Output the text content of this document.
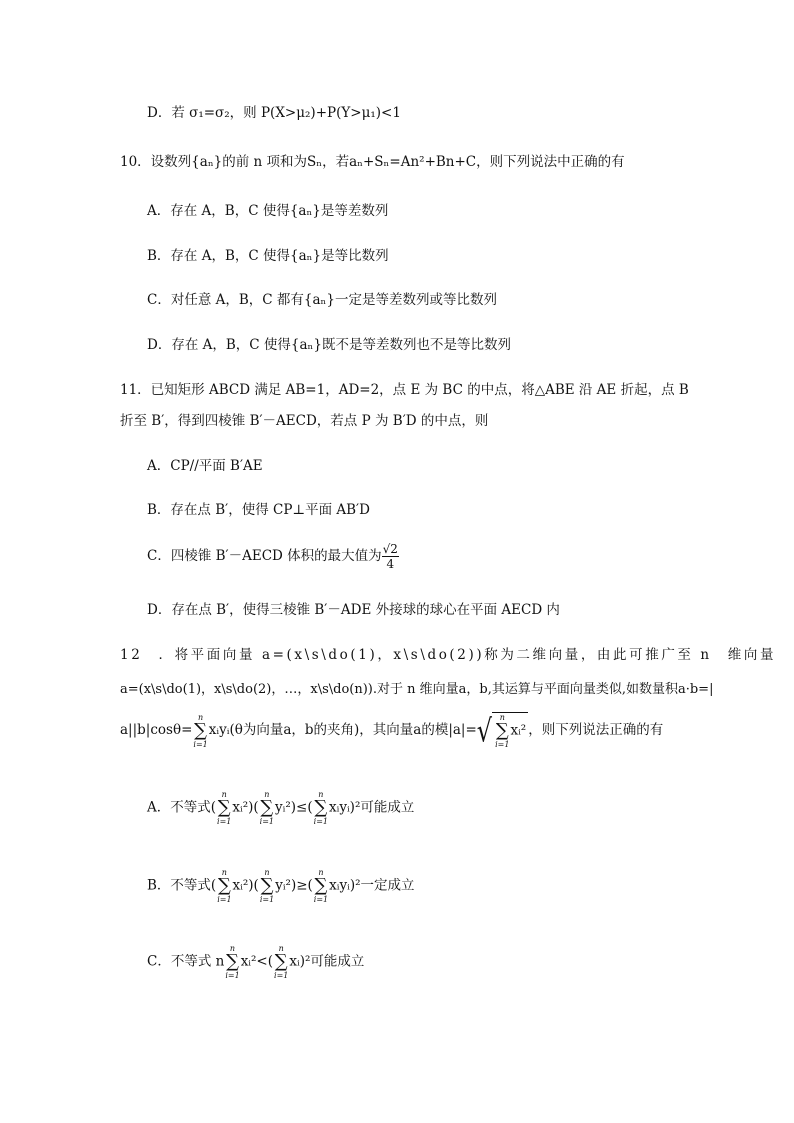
D．若 σ₁=σ₂，则 P(X>μ₂)+P(Y>μ₁)<1
10．设数列{aₙ}的前 n 项和为Sₙ，若aₙ+Sₙ=An²+Bn+C，则下列说法中正确的有
A．存在 A，B，C 使得{aₙ}是等差数列
B．存在 A，B，C 使得{aₙ}是等比数列
C．对任意 A，B，C 都有{aₙ}一定是等差数列或等比数列
D．存在 A，B，C 使得{aₙ}既不是等差数列也不是等比数列
11．已知矩形 ABCD 满足 AB=1，AD=2，点 E 为 BC 的中点，将△ABE 沿 AE 折起，点 B
折至 B′，得到四棱锥 B′－AECD，若点 P 为 B′D 的中点，则
A．CP//平面 B′AE
B．存在点 B′，使得 CP⊥平面 AB′D
C．四棱锥 B′－AECD 体积的最大值为 $\frac{√2}{4}$
D．存在点 B′，使得三棱锥 B′－ADE 外接球的球心在平面 AECD 内
12　．将平面向量 a=(x\s\do(1)，x\s\do(2))称为二维向量，由此可推广至 n　维向量
a=(x\s\do(1)，x\s\do(2)，…，x\s\do(n)).对于 n 维向量a，b,其运算与平面向量类似,如数量积a·b=|
a||b|cosθ=
n
∑
i=1
xᵢyᵢ(θ为向量a，b的夹角)，其向量a的模|a|=√ n
∑
i=1
xᵢ² ，则下列说法正确的有
A．不等式(
n
∑
i=1
xᵢ²)(
n
∑
i=1
yᵢ²)≤(
n
∑
i=1
xᵢyᵢ)²可能成立
B．不等式(
n
∑
i=1
xᵢ²)(
n
∑
i=1
yᵢ²)≥(
n
∑
i=1
xᵢyᵢ)²一定成立
C．不等式 n
n
∑
i=1
xᵢ²<(
n
∑
i=1
xᵢ)²可能成立
